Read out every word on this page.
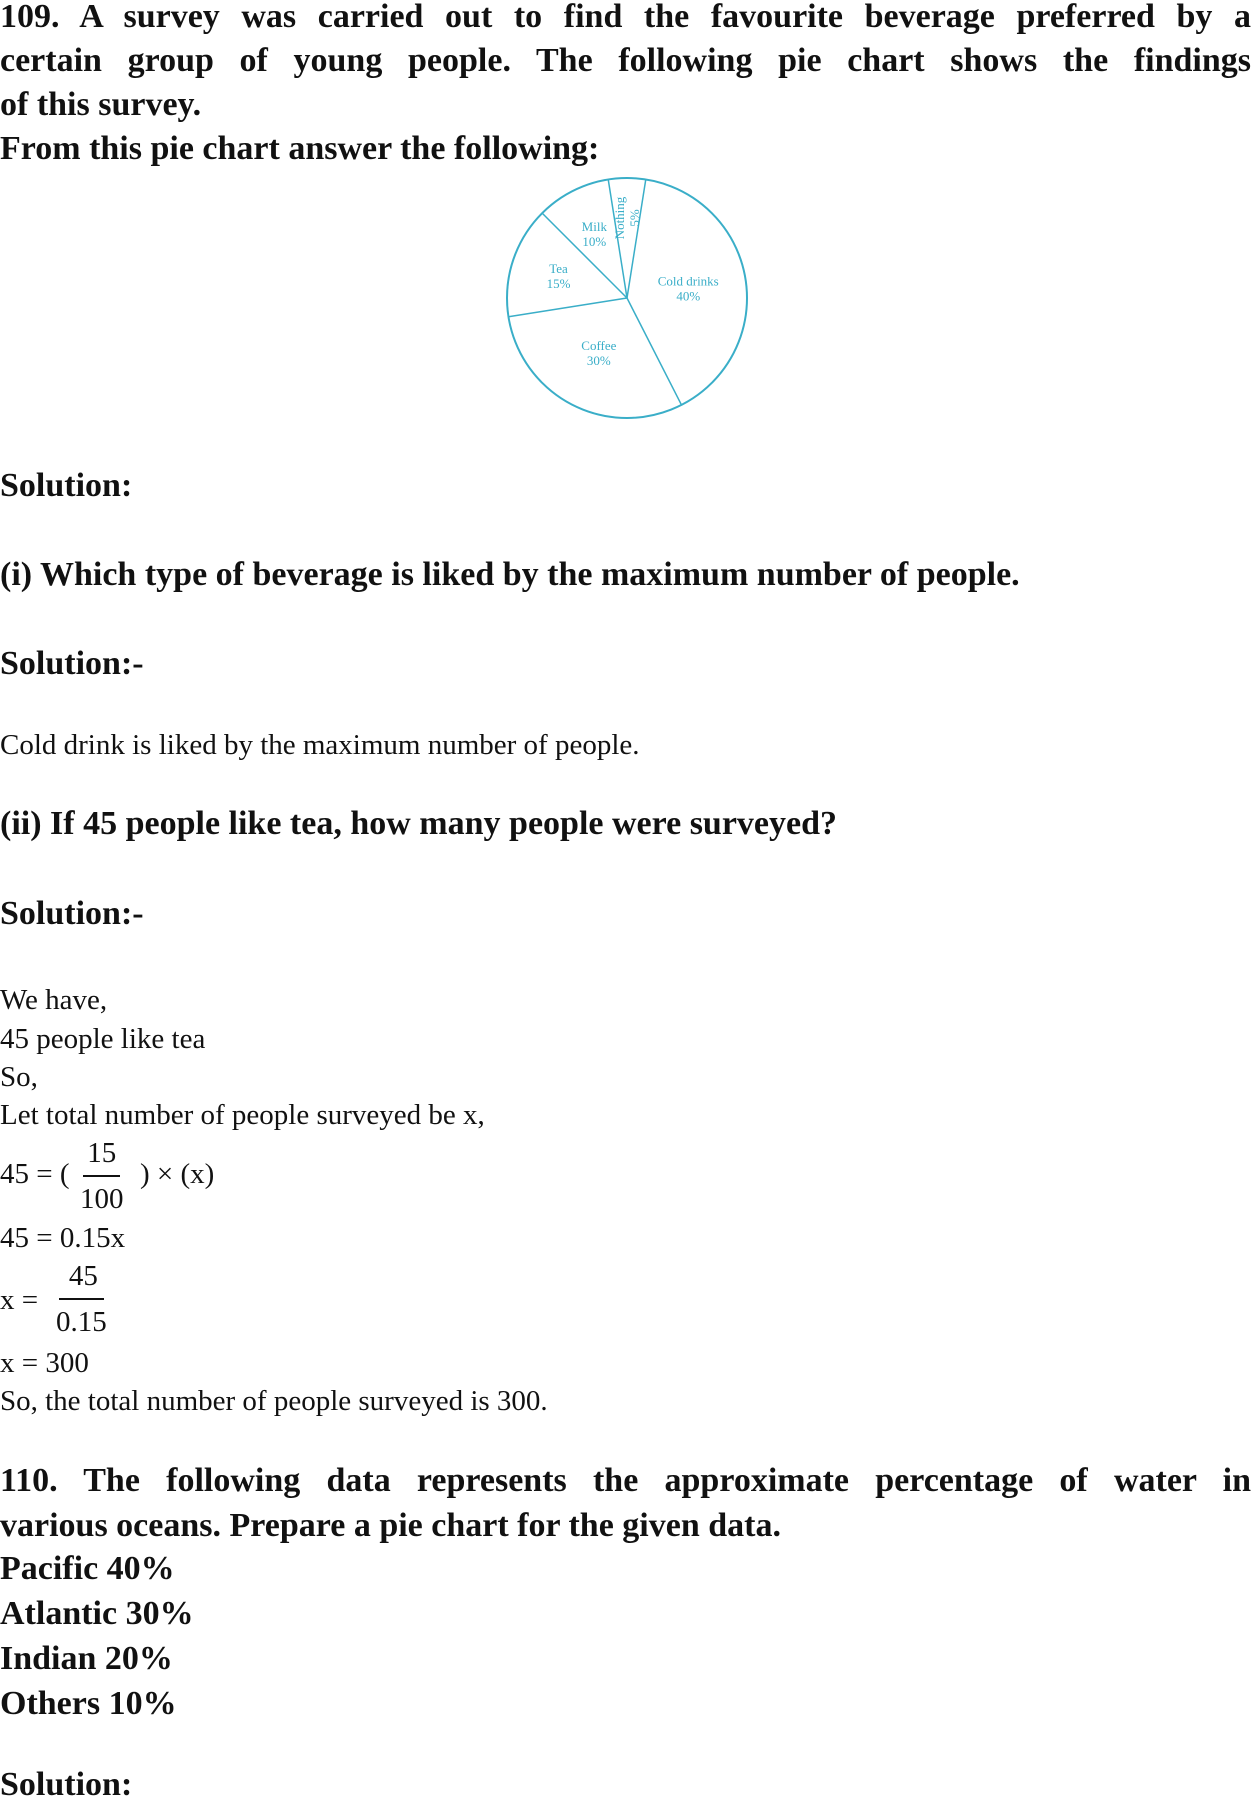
109. A survey was carried out to find the favourite beverage preferred by a
certain group of young people. The following pie chart shows the findings
of this survey.
From this pie chart answer the following:
Nothing 5%
Cold drinks
40%
Coffee
30%
Tea
15%
Milk
10%
Solution:
(i) Which type of beverage is liked by the maximum number of people.
Solution:-
Cold drink is liked by the maximum number of people.
(ii) If 45 people like tea, how many people were surveyed?
Solution:-
We have,
45 people like tea
So,
Let total number of people surveyed be x,
45 = ( $\frac{15}{100}$ ) × (x)
45 = 0.15x
$x = \frac{45}{0.15}$
x = 300
So, the total number of people surveyed is 300.
110. The following data represents the approximate percentage of water in
various oceans. Prepare a pie chart for the given data.
Pacific 40%
Atlantic 30%
Indian 20%
Others 10%
Solution:
